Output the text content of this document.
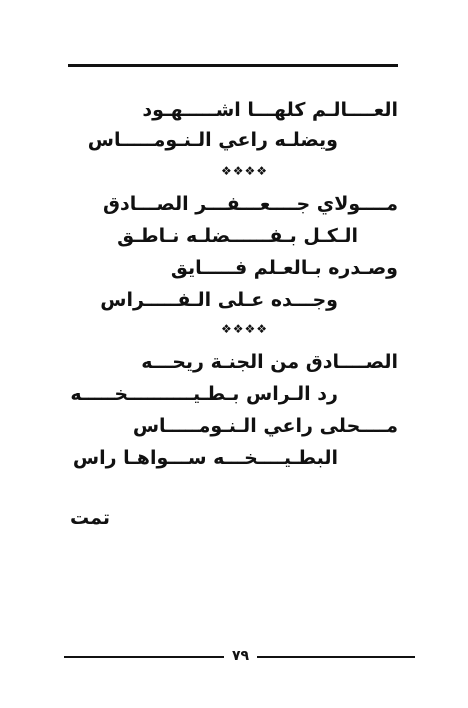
العــــالـم كلهـــا اشـــــهـود
ويضلـه راعي الـنـومـــــاس
❖❖❖❖
مــــولاي جــــعـــفـــر الصـــادق
الـكـل بـفــــــضلـه نـاطـق
وصـدره بـالعـلم فـــــايق
وجـــده عـلى الـفـــــراس
❖❖❖❖
الصــــادق من الجنـة ريحـــه
رد الـراس بـطـيــــــــــخـــــه
مــــحلى راعي الـنـومـــــاس
البطـيــــخـــه ســـواهـا راس
تمت
٧٩
